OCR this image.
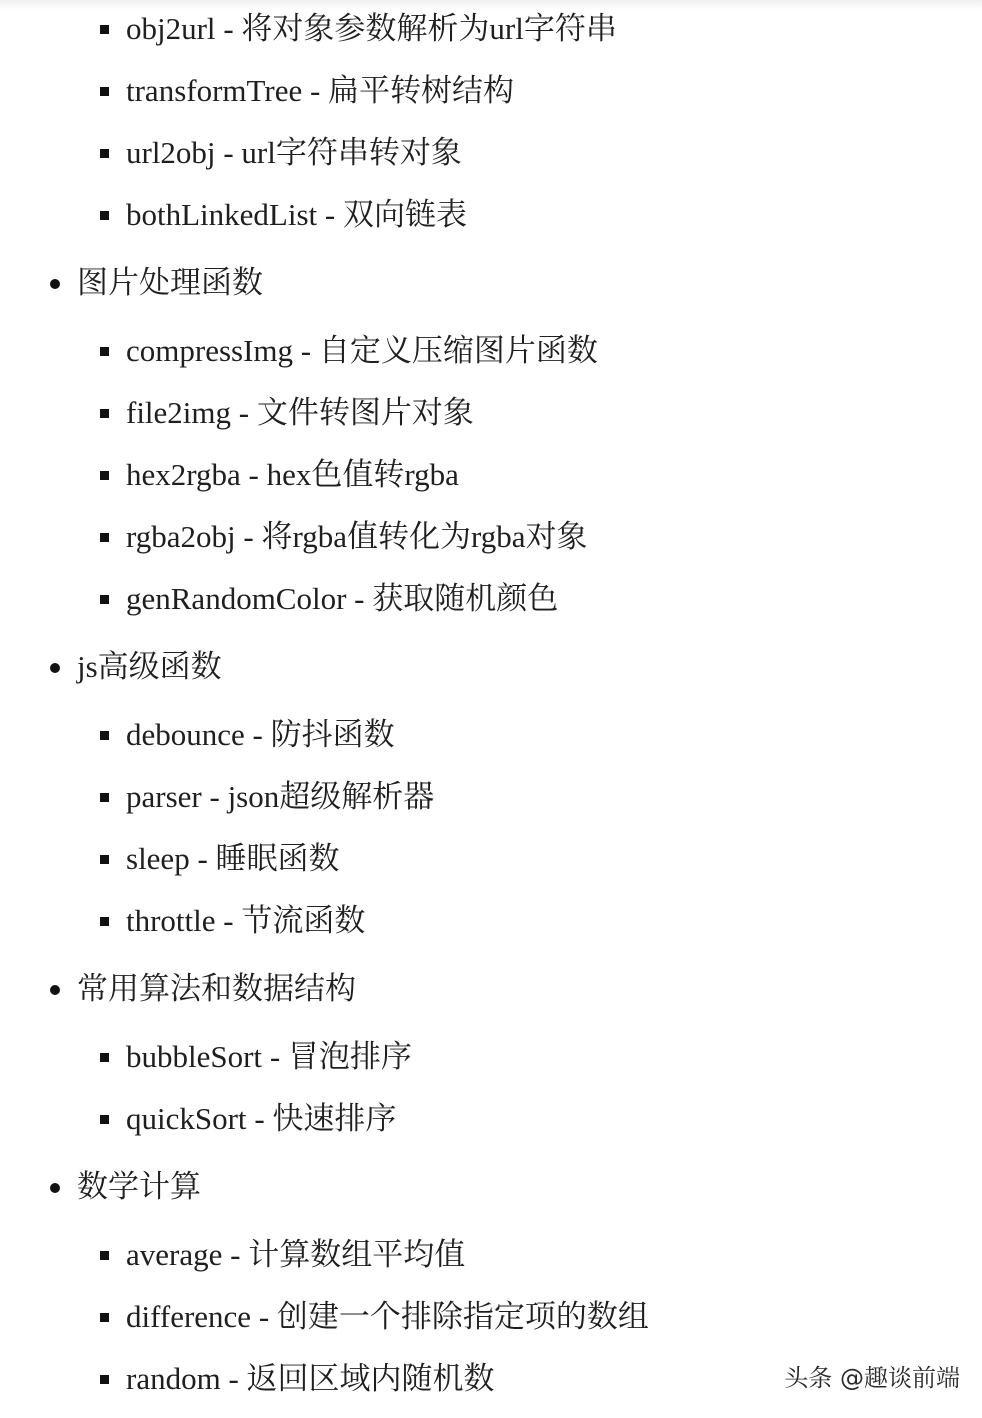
obj2url - 将对象参数解析为url字符串
transformTree - 扁平转树结构
url2obj - url字符串转对象
bothLinkedList - 双向链表
图片处理函数
compressImg - 自定义压缩图片函数
file2img - 文件转图片对象
hex2rgba - hex色值转rgba
rgba2obj - 将rgba值转化为rgba对象
genRandomColor - 获取随机颜色
js高级函数
debounce - 防抖函数
parser - json超级解析器
sleep - 睡眠函数
throttle - 节流函数
常用算法和数据结构
bubbleSort - 冒泡排序
quickSort - 快速排序
数学计算
average - 计算数组平均值
difference - 创建一个排除指定项的数组
random - 返回区域内随机数	头条 @趣谈前端
